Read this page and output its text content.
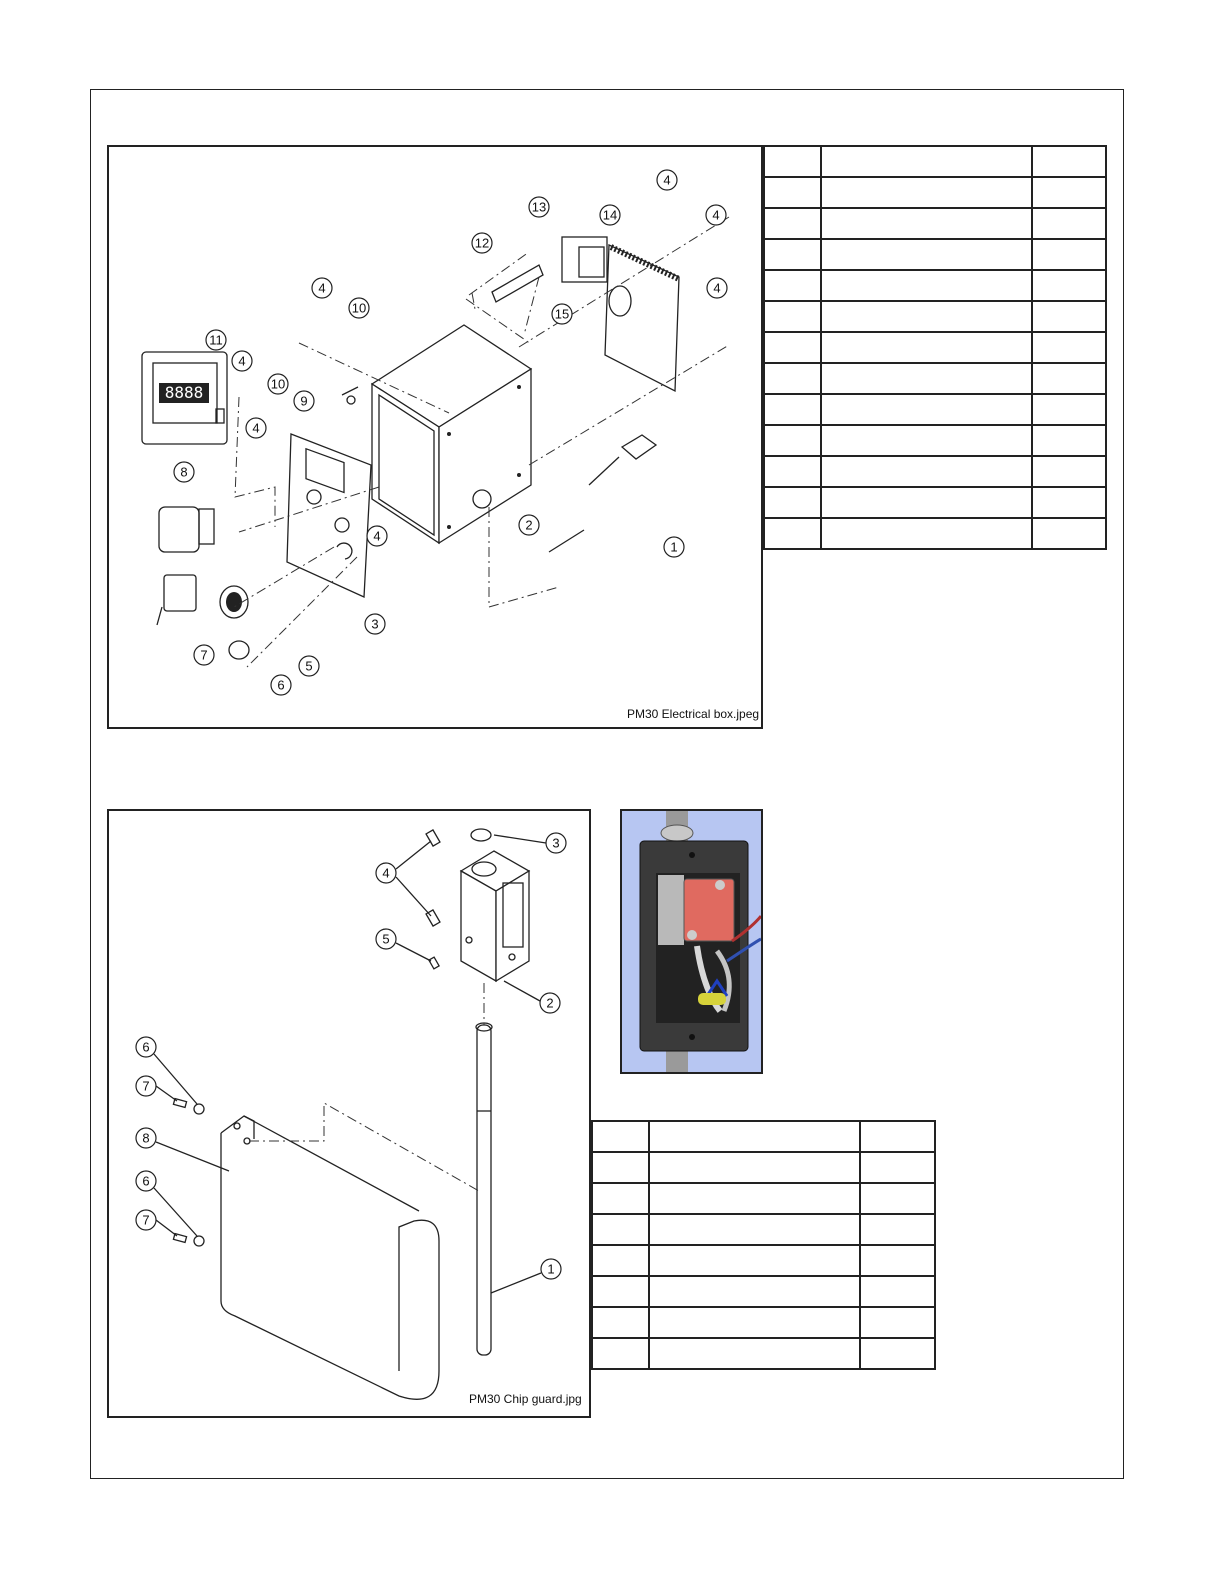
8888
1
2
3
4
4
4
4
4
4
4
5
6
7
8
9
10
10
11
12
13
14
15
PM30 Electrical box.jpeg

1
2
3
4
5
6
6
7
7
8
PM30 Chip guard.jpg
